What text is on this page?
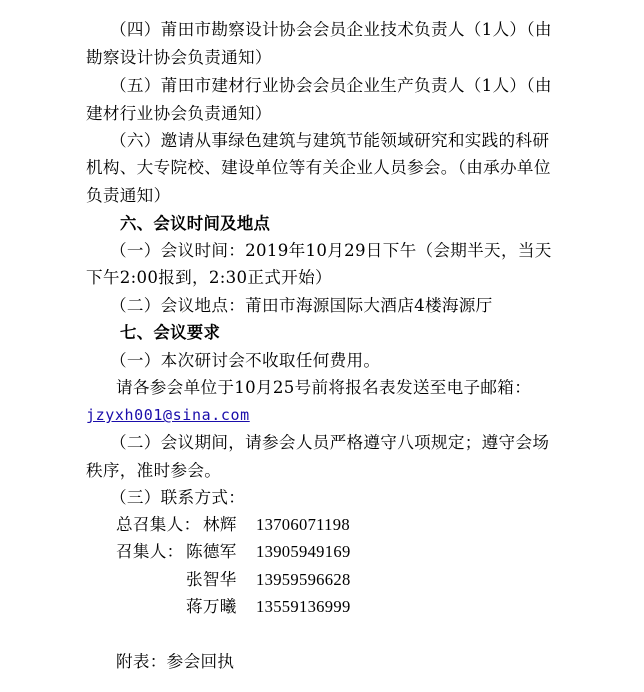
（四）莆田市勘察设计协会会员企业技术负责人（1人）（由
勘察设计协会负责通知）
（五）莆田市建材行业协会会员企业生产负责人（1人）（由
建材行业协会负责通知）
（六）邀请从事绿色建筑与建筑节能领域研究和实践的科研
机构、大专院校、建设单位等有关企业人员参会。（由承办单位
负责通知）
六、会议时间及地点
（一）会议时间：2019年10月29日下午（会期半天，当天
下午2:00报到，2:30正式开始）
（二）会议地点：莆田市海源国际大酒店4楼海源厅
七、会议要求
（一）本次研讨会不收取任何费用。
请各参会单位于10月25号前将报名表发送至电子邮箱：
jzyxh001@sina.com
（二）会议期间，请参会人员严格遵守八项规定；遵守会场
秩序，准时参会。
（三）联系方式：
总召集人： 林辉 13706071198
召集人： 陈德军 13905949169
张智华 13959596628
蒋万曦 13559136999
附表：参会回执
